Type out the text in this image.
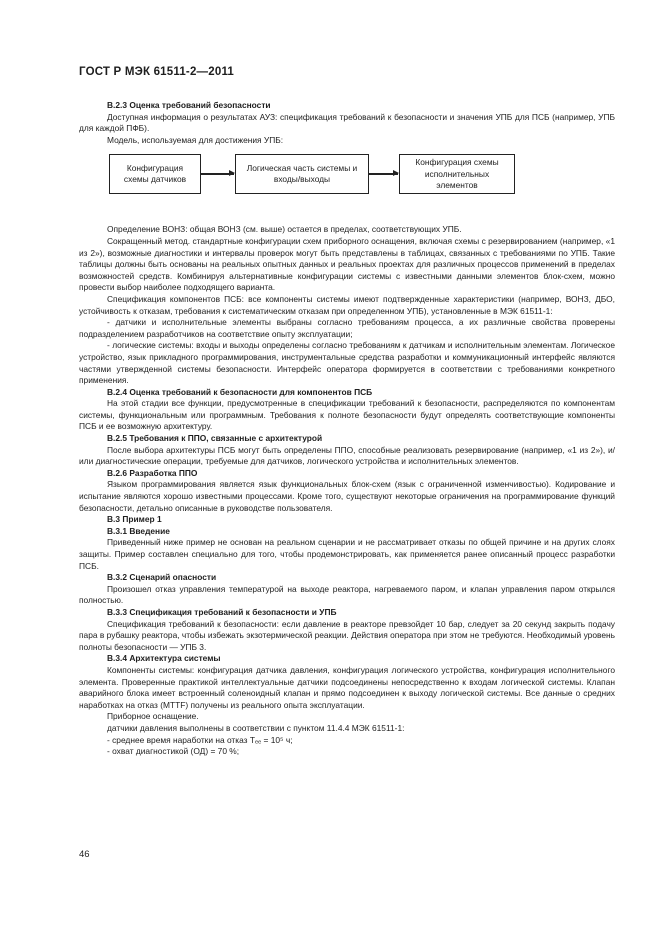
ГОСТ Р МЭК 61511-2—2011

B.2.3 Оценка требований безопасности

Доступная информация о результатах АУЗ: спецификация требований к безопасности и значения УПБ для ПСБ (например, УПБ для каждой ПФБ).

Модель, используемая для достижения УПБ:

Конфигурация схемы датчиков
Логическая часть системы и входы/выходы
Конфигурация схемы исполнительных элементов

Определение ВОНЗ: общая ВОНЗ (см. выше) остается в пределах, соответствующих УПБ.

Сокращенный метод. стандартные конфигурации схем приборного оснащения, включая схемы с резервированием (например, «1 из 2»), возможные диагностики и интервалы проверок могут быть представлены в таблицах, связанных с требованиями по УПБ. Такие таблицы должны быть основаны на реальных опытных данных и реальных проектах для различных процессов применений в пределах возможностей средств. Комбинируя альтернативные конфигурации системы с известными данными элементов блок-схем, можно провести выбор наиболее подходящего варианта.

Спецификация компонентов ПСБ: все компоненты системы имеют подтвержденные характеристики (например, ВОНЗ, ДБО, устойчивость к отказам, требования к систематическим отказам при определенном УПБ), установленные в МЭК 61511-1:

- датчики и исполнительные элементы выбраны согласно требованиям процесса, а их различные свойства проверены подразделением разработчиков на соответствие опыту эксплуатации;

- логические системы: входы и выходы определены согласно требованиям к датчикам и исполнительным элементам. Логическое устройство, язык прикладного программирования, инструментальные средства разработки и коммуникационный интерфейс являются частями утвержденной системы безопасности. Интерфейс оператора формируется в соответствии с требованиями конкретного применения.

B.2.4 Оценка требований к безопасности для компонентов ПСБ

На этой стадии все функции, предусмотренные в спецификации требований к безопасности, распределяются по компонентам системы, функциональным или программным. Требования к полноте безопасности будут определять соответствующие компоненты ПСБ и ее возможную архитектуру.

B.2.5 Требования к ППО, связанные с архитектурой

После выбора архитектуры ПСБ могут быть определены ППО, способные реализовать резервирование (например, «1 из 2»), и/или диагностические операции, требуемые для датчиков, логического устройства и исполнительных элементов.

B.2.6 Разработка ППО

Языком программирования является язык функциональных блок-схем (язык с ограниченной изменчивостью). Кодирование и испытание являются хорошо известными процессами. Кроме того, существуют некоторые ограничения на программирование функций безопасности, детально описанные в руководстве пользователя.

B.3 Пример 1

B.3.1 Введение

Приведенный ниже пример не основан на реальном сценарии и не рассматривает отказы по общей причине и на других слоях защиты. Пример составлен специально для того, чтобы продемонстрировать, как применяется ранее описанный процесс разработки ПСБ.

B.3.2 Сценарий опасности

Произошел отказ управления температурой на выходе реактора, нагреваемого паром, и клапан управления паром открылся полностью.

B.3.3 Спецификация требований к безопасности и УПБ

Спецификация требований к безопасности: если давление в реакторе превзойдет 10 бар, следует за 20 секунд закрыть подачу пара в рубашку реактора, чтобы избежать экзотермической реакции. Действия оператора при этом не требуются. Необходимый уровень полноты безопасности — УПБ 3.

B.3.4 Архитектура системы

Компоненты системы: конфигурация датчика давления, конфигурация логического устройства, конфигурация исполнительного элемента. Проверенные практикой интеллектуальные датчики подсоединены непосредственно к входам логической системы. Клапан аварийного блока имеет встроенный соленоидный клапан и прямо подсоединен к выходу логической системы. Все данные о средних наработках на отказ (MTTF) получены из реального опыта эксплуатации.

Приборное оснащение.

датчики давления выполнены в соответствии с пунктом 11.4.4 МЭК 61511-1:

- среднее время наработки на отказ Tₑₑ = 10⁵ ч;

- охват диагностикой (ОД) = 70 %;

46
